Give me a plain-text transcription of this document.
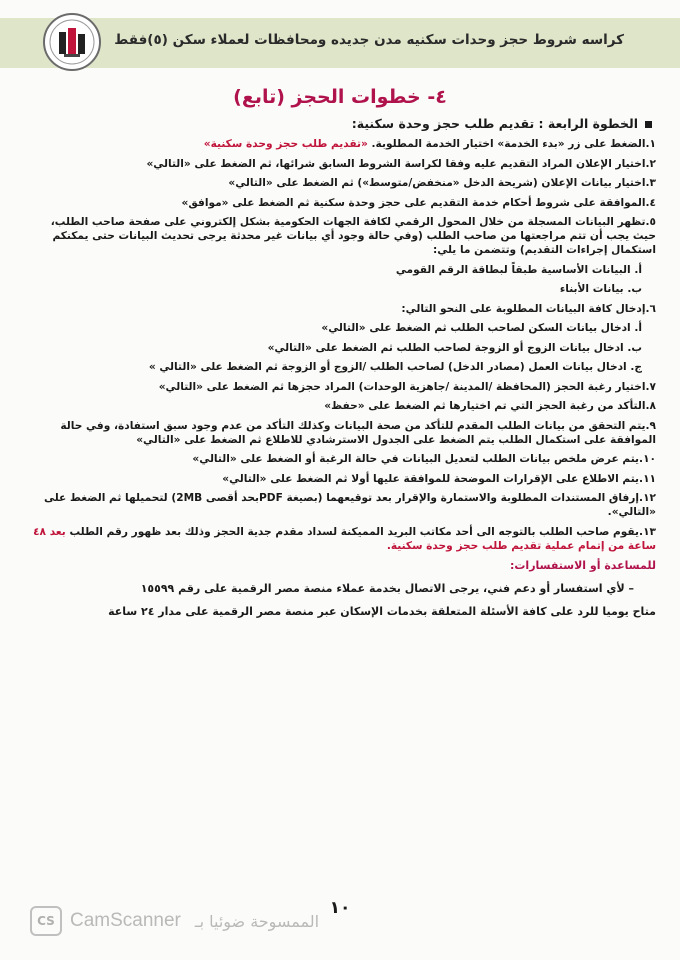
كراسه شروط حجز وحدات سكنيه مدن جديده ومحافظات لعملاء سكن (٥)فقط
٤- خطوات الحجز (تابع)
الخطوة الرابعة : تقديم طلب حجز وحدة سكنية:
١.الضغط على زر «بدء الخدمة» اختيار الخدمة المطلوبة. «تقديم طلب حجز وحدة سكنية»
٢.اختيار الإعلان المراد التقديم عليه وفقا لكراسة الشروط السابق شرائها، ثم الضغط على «التالي»
٣.اختيار بيانات الإعلان (شريحة الدخل «منخفض/متوسط») ثم الضغط على «التالي»
٤.الموافقة على شروط أحكام خدمة التقديم على حجز وحدة سكنية ثم الضغط على «موافق»
٥.تظهر البيانات المسجلة من خلال المحول الرقمي لكافة الجهات الحكومية بشكل إلكتروني على صفحة صاحب الطلب، حيث يجب أن تتم مراجعتها من صاحب الطلب (وفي حالة وجود أي بيانات غير محدثة يرجى تحديث البيانات حتى يمكنكم استكمال إجراءات التقديم) وتتضمن ما يلي:
أ. البيانات الأساسية طبقاً لبطاقة الرقم القومي
ب. بيانات الأبناء
٦.إدخال كافة البيانات المطلوبة على النحو التالي:
أ. ادخال بيانات السكن لصاحب الطلب ثم الضغط على «التالي»
ب. ادخال بيانات الزوج أو الزوجة لصاحب الطلب ثم الضغط على «التالي»
ج. ادخال بيانات العمل (مصادر الدخل) لصاحب الطلب /الزوج أو الزوجة ثم الضغط على «التالي »
٧.اختيار رغبة الحجز (المحافظة /المدينة /جاهزية الوحدات) المراد حجزها ثم الضغط على «التالي»
٨.التأكد من رغبة الحجز التي تم اختيارها ثم الضغط على «حفظ»
٩.يتم التحقق من بيانات الطلب المقدم للتأكد من صحة البيانات وكذلك التأكد من عدم وجود سبق استفادة، وفي حالة الموافقة على استكمال الطلب يتم الضغط على الجدول الاسترشادي للاطلاع ثم الضغط على «التالي»
١٠.يتم عرض ملخص بيانات الطلب لتعديل البيانات في حالة الرغبة أو الضغط على «التالي»
١١.يتم الاطلاع على الإقرارات الموضحة للموافقة عليها أولا ثم الضغط على «التالي»
١٢.إرفاق المستندات المطلوبة والاستمارة والإقرار بعد توقيعهما (بصيغة PDFبحد أقصى 2MB) لتحميلها ثم الضغط على «التالي».
١٣.يقوم صاحب الطلب بالتوجه الى أحد مكاتب البريد المميكنة لسداد مقدم جدية الحجز وذلك بعد ظهور رقم الطلب بعد ٤٨ ساعة من إتمام عملية تقديم طلب حجز وحدة سكنية.
للمساعدة أو الاستفسارات:
– لأي استفسار أو دعم فني، يرجى الاتصال بخدمة عملاء منصة مصر الرقمية على رقم ١٥٥٩٩
متاح يوميا للرد على كافة الأسئلة المتعلقة بخدمات الإسكان عبر منصة مصر الرقمية على مدار ٢٤ ساعة
١٠
CS CamScanner الممسوحة ضوئيا بـ
